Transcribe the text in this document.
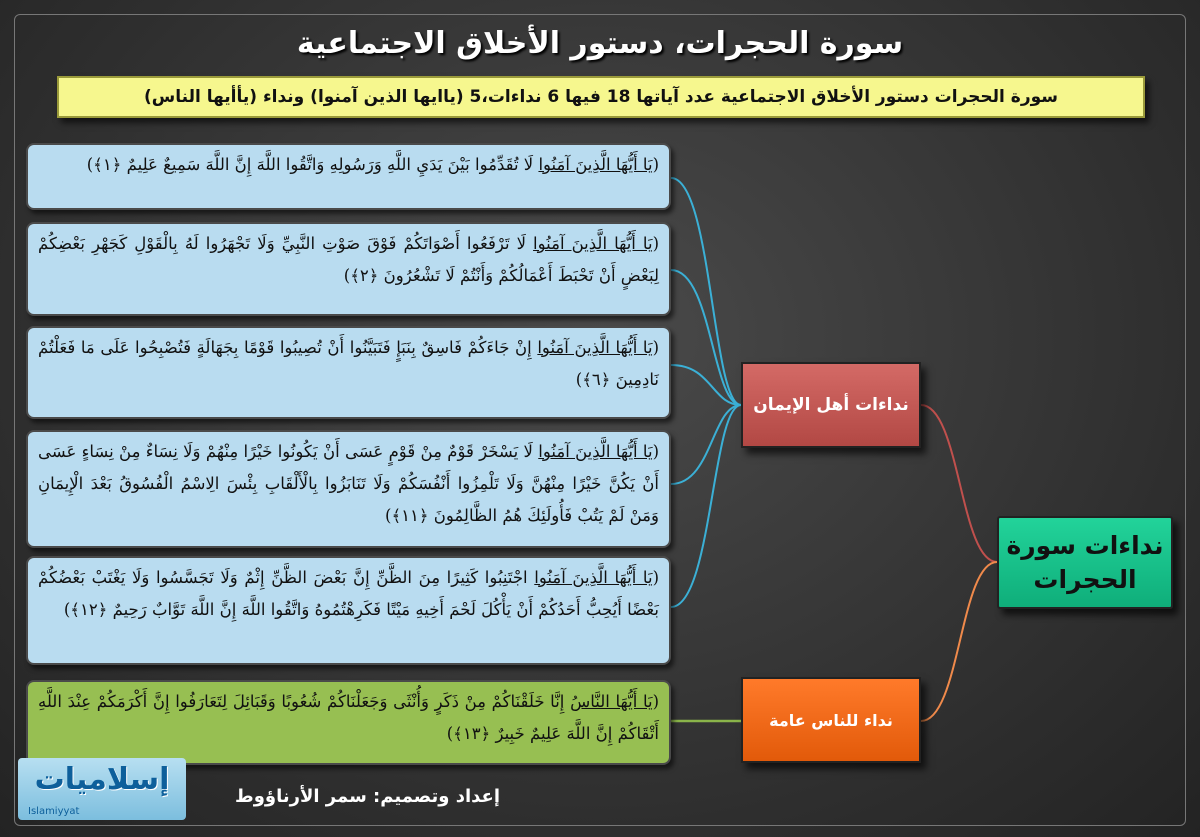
سورة الحجرات، دستور الأخلاق الاجتماعية
سورة الحجرات دستور الأخلاق الاجتماعية عدد آياتها 18 فيها 6 نداءات،5 (ياايها الذين آمنوا) ونداء (يأأيها الناس)
(يَا أَيُّهَا الَّذِينَ آمَنُوا لَا تُقَدِّمُوا بَيْنَ يَدَيِ اللَّهِ وَرَسُولِهِ وَاتَّقُوا اللَّهَ إِنَّ اللَّهَ سَمِيعٌ عَلِيمٌ ﴿١﴾)
(يَا أَيُّهَا الَّذِينَ آمَنُوا لَا تَرْفَعُوا أَصْوَاتَكُمْ فَوْقَ صَوْتِ النَّبِيِّ وَلَا تَجْهَرُوا لَهُ بِالْقَوْلِ كَجَهْرِ بَعْضِكُمْ لِبَعْضٍ أَنْ تَحْبَطَ أَعْمَالُكُمْ وَأَنْتُمْ لَا تَشْعُرُونَ ﴿٢﴾)
(يَا أَيُّهَا الَّذِينَ آمَنُوا إِنْ جَاءَكُمْ فَاسِقٌ بِنَبَإٍ فَتَبَيَّنُوا أَنْ تُصِيبُوا قَوْمًا بِجَهَالَةٍ فَتُصْبِحُوا عَلَى مَا فَعَلْتُمْ نَادِمِينَ ﴿٦﴾)
(يَا أَيُّهَا الَّذِينَ آمَنُوا لَا يَسْخَرْ قَوْمٌ مِنْ قَوْمٍ عَسَى أَنْ يَكُونُوا خَيْرًا مِنْهُمْ وَلَا نِسَاءٌ مِنْ نِسَاءٍ عَسَى أَنْ يَكُنَّ خَيْرًا مِنْهُنَّ وَلَا تَلْمِزُوا أَنْفُسَكُمْ وَلَا تَنَابَزُوا بِالْأَلْقَابِ بِئْسَ الِاسْمُ الْفُسُوقُ بَعْدَ الْإِيمَانِ وَمَنْ لَمْ يَتُبْ فَأُولَئِكَ هُمُ الظَّالِمُونَ ﴿١١﴾)
(يَا أَيُّهَا الَّذِينَ آمَنُوا اجْتَنِبُوا كَثِيرًا مِنَ الظَّنِّ إِنَّ بَعْضَ الظَّنِّ إِثْمٌ وَلَا تَجَسَّسُوا وَلَا يَغْتَبْ بَعْضُكُمْ بَعْضًا أَيُحِبُّ أَحَدُكُمْ أَنْ يَأْكُلَ لَحْمَ أَخِيهِ مَيْتًا فَكَرِهْتُمُوهُ وَاتَّقُوا اللَّهَ إِنَّ اللَّهَ تَوَّابٌ رَحِيمٌ ﴿١٢﴾)
(يَا أَيُّهَا النَّاسُ إِنَّا خَلَقْنَاكُمْ مِنْ ذَكَرٍ وَأُنْثَى وَجَعَلْنَاكُمْ شُعُوبًا وَقَبَائِلَ لِتَعَارَفُوا إِنَّ أَكْرَمَكُمْ عِنْدَ اللَّهِ أَتْقَاكُمْ إِنَّ اللَّهَ عَلِيمٌ خَبِيرٌ ﴿١٣﴾)
نداءات أهل الإيمان
نداء للناس عامة
نداءات سورة الحجرات
إسلاميات
Islamiyyat
إعداد وتصميم: سمر الأرناؤوط
